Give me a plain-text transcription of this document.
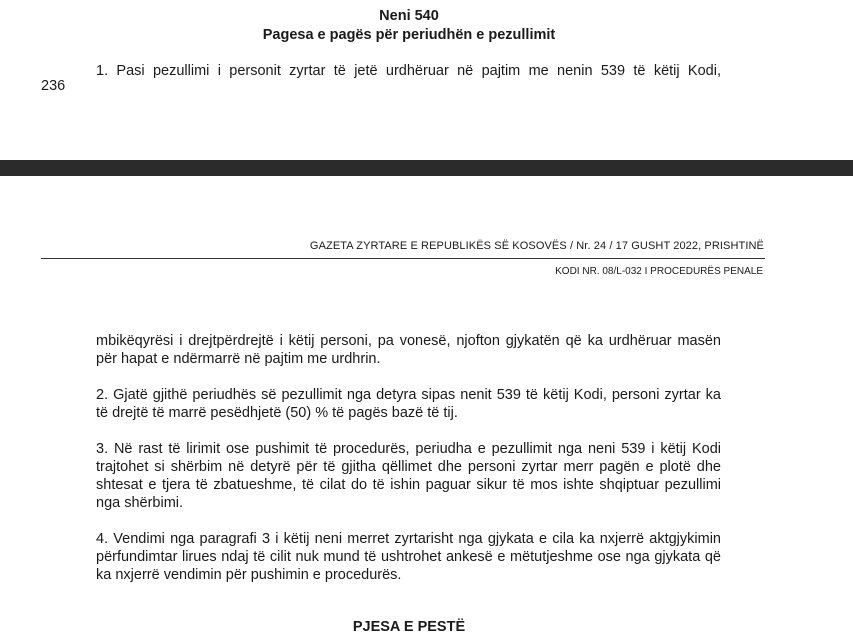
Neni 540
Pagesa e pagës për periudhën e pezullimit
1. Pasi pezullimi i personit zyrtar të jetë urdhëruar në pajtim me nenin 539 të këtij Kodi,
236
GAZETA ZYRTARE E REPUBLIKËS SË KOSOVËS / Nr. 24 / 17 GUSHT 2022, PRISHTINË
KODI NR. 08/L-032 I PROCEDURËS PENALE
mbikëqyrësi i drejtpërdrejtë i këtij personi, pa vonesë, njofton gjykatën që ka urdhëruar masën për hapat e ndërmarrë në pajtim me urdhrin.
2. Gjatë gjithë periudhës së pezullimit nga detyra sipas nenit 539 të këtij Kodi, personi zyrtar ka të drejtë të marrë pesëdhjetë (50) % të pagës bazë të tij.
3. Në rast të lirimit ose pushimit të procedurës, periudha e pezullimit nga neni 539 i këtij Kodi trajtohet si shërbim në detyrë për të gjitha qëllimet dhe personi zyrtar merr pagën e plotë dhe shtesat e tjera të zbatueshme, të cilat do të ishin paguar sikur të mos ishte shqiptuar pezullimi nga shërbimi.
4. Vendimi nga paragrafi 3 i këtij neni merret zyrtarisht nga gjykata e cila ka nxjerrë aktgjykimin përfundimtar lirues ndaj të cilit nuk mund të ushtrohet ankesë e mëtutjeshme ose nga gjykata që ka nxjerrë vendimin për pushimin e procedurës.
PJESA E PESTË
